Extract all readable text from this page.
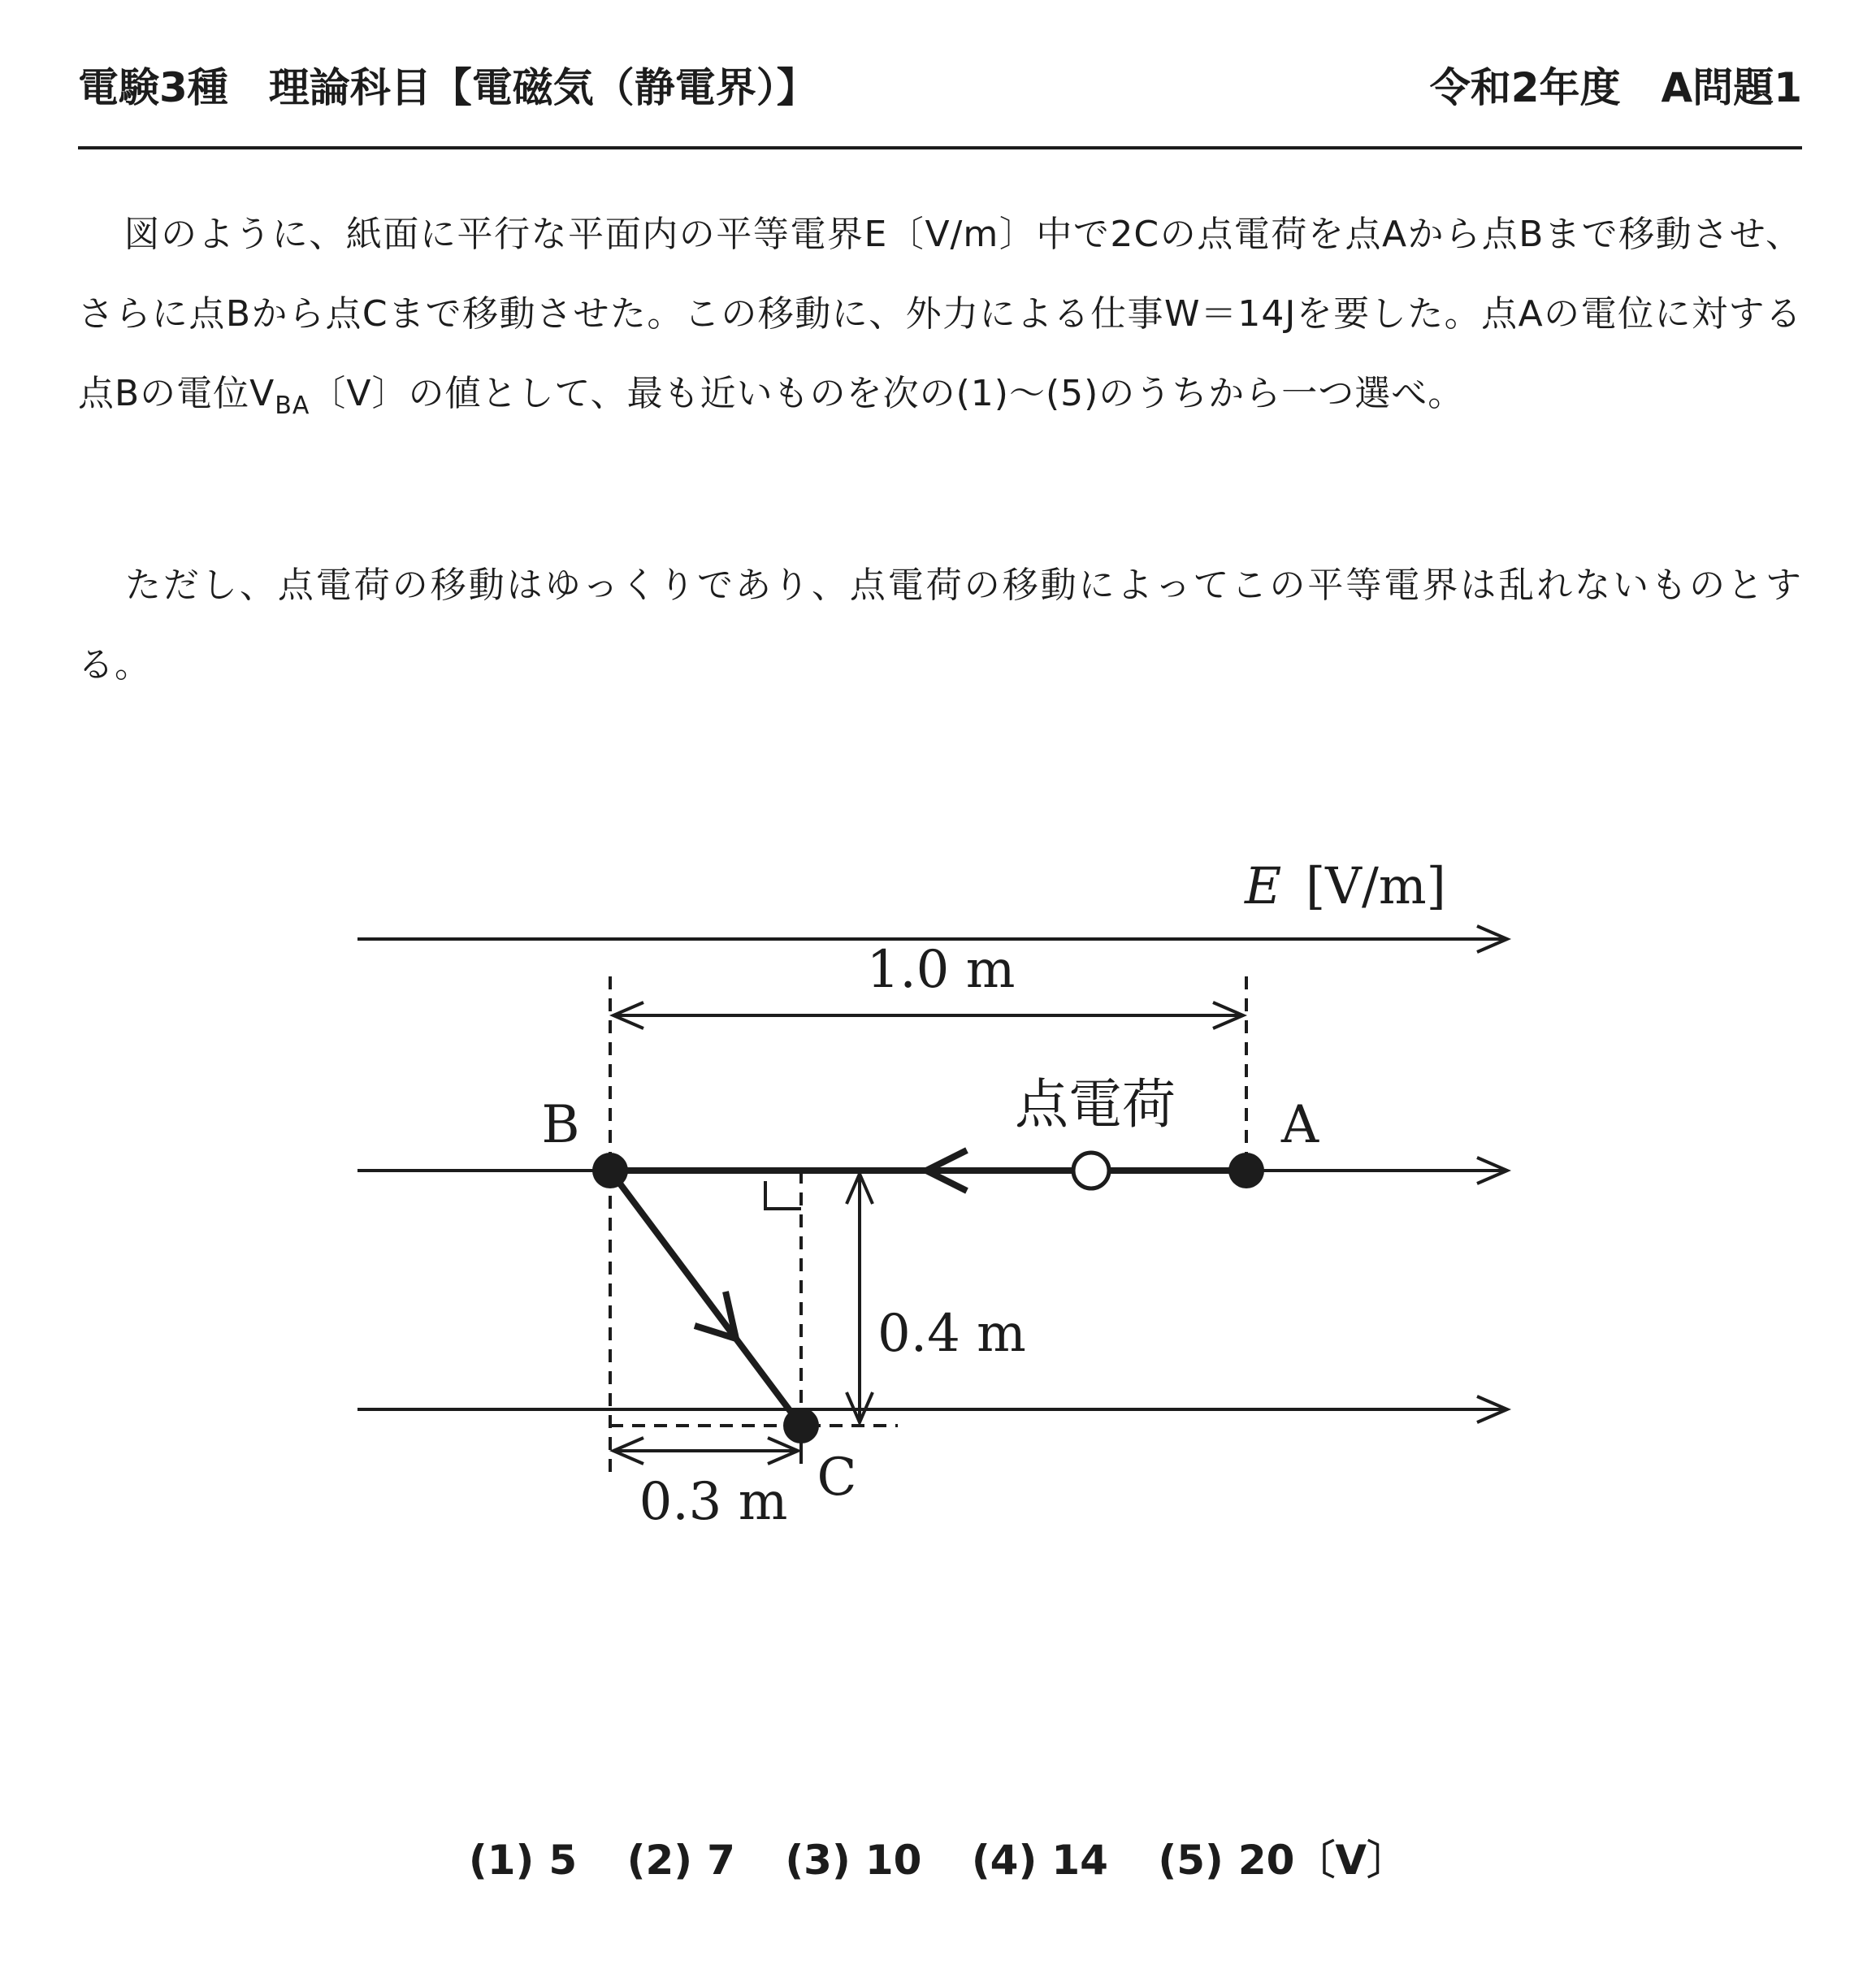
電験3種　理論科目【電磁気（静電界）】	令和2年度　A問題1
図のように、紙面に平行な平面内の平等電界E〔V/m〕中で2Cの点電荷を点Aから点Bまで移動させ、さらに点Bから点Cまで移動させた。この移動に、外力による仕事W＝14Jを要した。点Aの電位に対する点Bの電位$V_{BA}$〔V〕の値として、最も近いものを次の(1)～(5)のうちから一つ選べ。
ただし、点電荷の移動はゆっくりであり、点電荷の移動によってこの平等電界は乱れないものとする。
E [V/m]
1.0 m
0.4 m
0.3 m
B	A
C
点電荷
(1) 5 (2) 7 (3) 10 (4) 14 (5) 20〔V〕
